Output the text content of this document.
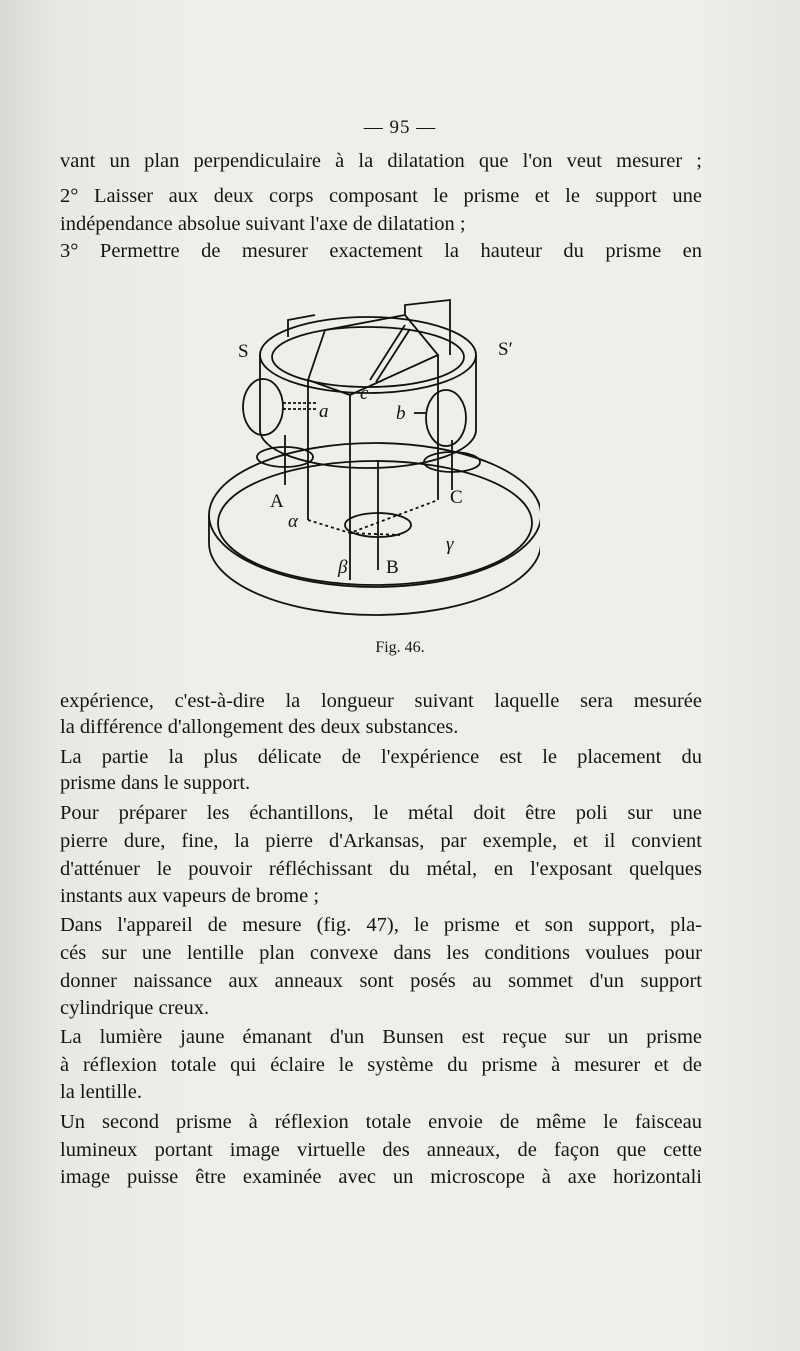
— 95 —
vant un plan perpendiculaire à la dilatation que l'on veut mesurer ;
2° Laisser aux deux corps composant le prisme et le support une
indépendance absolue suivant l'axe de dilatation ;
3° Permettre de mesurer exactement la hauteur du prisme en
S	S′
a	b
c
A	C
B
α
β
γ
Fig. 46.
expérience, c'est-à-dire la longueur suivant laquelle sera mesurée
la différence d'allongement des deux substances.
La partie la plus délicate de l'expérience est le placement du
prisme dans le support.
Pour préparer les échantillons, le métal doit être poli sur une
pierre dure, fine, la pierre d'Arkansas, par exemple, et il convient
d'atténuer le pouvoir réfléchissant du métal, en l'exposant quelques
instants aux vapeurs de brome ;
Dans l'appareil de mesure (fig. 47), le prisme et son support, pla-
cés sur une lentille plan convexe dans les conditions voulues pour
donner naissance aux anneaux sont posés au sommet d'un support
cylindrique creux.
La lumière jaune émanant d'un Bunsen est reçue sur un prisme
à réflexion totale qui éclaire le système du prisme à mesurer et de
la lentille.
Un second prisme à réflexion totale envoie de même le faisceau
lumineux portant image virtuelle des anneaux, de façon que cette
image puisse être examinée avec un microscope à axe horizontali
